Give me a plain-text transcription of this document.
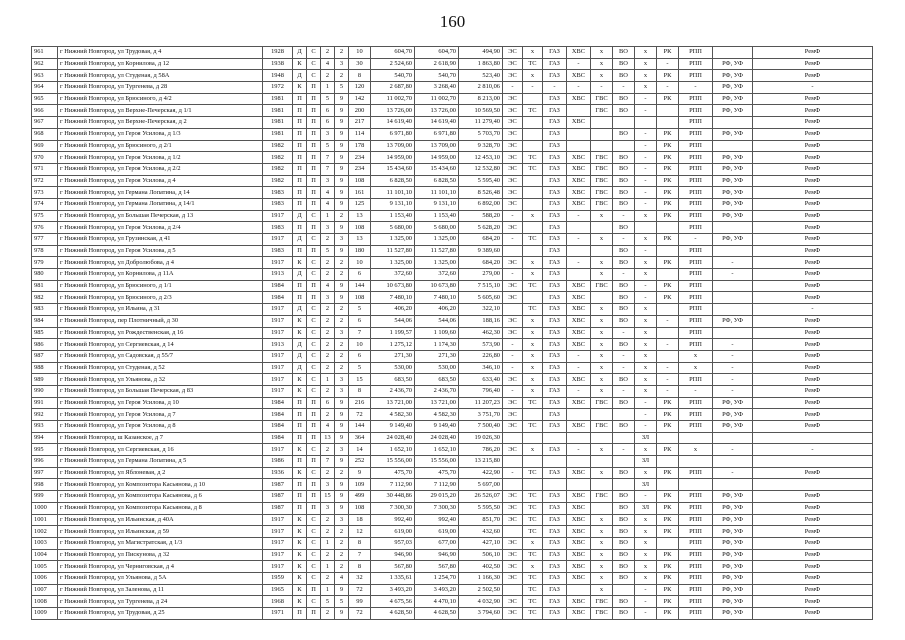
160
961	г Нижний Новгород, ул Трудовая, д 4	1928	Д	С	2	2	10	604,70	604,70	494,90	ЭС	х	ГАЗ	ХВС	х	ВО	х	РК	РПП		РемФ
962	г Нижний Новгород, ул Корнилова, д 12	1938	К	С	4	3	30	2 524,60	2 618,90	1 863,80	ЭС	ТС	ГАЗ	-	х	ВО	х	-	РПП	РФ, УФ	РемФ
963	г Нижний Новгород, ул Студеная, д 58А	1948	Д	С	2	2	8	540,70	540,70	523,40	ЭС	х	ГАЗ	ХВС	х	ВО	х	РК	РПП	РФ, УФ	РемФ
964	г Нижний Новгород, ул Тургенева, д 28	1972	К	П	1	5	120	2 687,80	3 268,40	2 810,06	-	-	-	-	-	-	х	-	-	РФ, УФ	-
965	г Нижний Новгород, ул Брюсиного, д 4/2	1981	П	П	5	9	142	11 002,70	11 002,70	8 213,00	ЭС		ГАЗ	ХВС	ГВС	ВО	-	РК	РПП	РФ, УФ	РемФ
966	г Нижний Новгород, ул Верхне-Печерская, д 1/1	1981	П	П	6	9	200	13 726,00	13 726,00	10 569,50	ЭС	ТС	ГАЗ		ГВС	ВО	-		РПП	РФ, УФ	РемФ
967	г Нижний Новгород, ул Верхне-Печерская, д 2	1981	П	П	6	9	217	14 619,40	14 619,40	11 279,40	ЭС		ГАЗ	ХВС					РПП		РемФ
968	г Нижний Новгород, ул Героя Усилова, д 1/3	1981	П	П	3	9	114	6 971,80	6 971,80	5 703,70	ЭС		ГАЗ			ВО	-	РК	РПП	РФ, УФ	РемФ
969	г Нижний Новгород, ул Брюсиного, д 2/1	1982	П	П	5	9	178	13 709,00	13 709,00	9 328,70	ЭС		ГАЗ				-	РК	РПП		РемФ
970	г Нижний Новгород, ул Героя Усилова, д 1/2	1982	П	П	7	9	234	14 959,00	14 959,00	12 453,10	ЭС	ТС	ГАЗ	ХВС	ГВС	ВО	-	РК	РПП	РФ, УФ	РемФ
971	г Нижний Новгород, ул Героя Усилова, д 2/2	1982	П	П	7	9	234	15 434,60	15 434,60	12 532,80	ЭС	ТС	ГАЗ	ХВС	ГВС	ВО	-	РК	РПП	РФ, УФ	РемФ
972	г Нижний Новгород, ул Героя Усилова, д 4	1982	П	П	3	9	108	6 828,50	6 828,50	5 595,40	ЭС		ГАЗ	ХВС	ГВС	ВО	-	РК	РПП	РФ, УФ	РемФ
973	г Нижний Новгород, ул Германа Лопатина, д 14	1983	П	П	4	9	161	11 101,10	11 101,10	8 526,48	ЭС		ГАЗ	ХВС	ГВС	ВО	-	РК	РПП	РФ, УФ	РемФ
974	г Нижний Новгород, ул Германа Лопатина, д 14/1	1983	П	П	4	9	125	9 131,10	9 131,10	6 892,00	ЭС		ГАЗ	ХВС	ГВС	ВО	-	РК	РПП	РФ, УФ	РемФ
975	г Нижний Новгород, ул Большая Печерская, д 13	1917	Д	С	1	2	13	1 153,40	1 153,40	588,20	-	х	ГАЗ	-	х	-	х	РК	РПП	РФ, УФ	РемФ
976	г Нижний Новгород, ул Героя Усилова, д 2/4	1983	П	П	3	9	108	5 680,00	5 680,00	5 628,20	ЭС		ГАЗ			ВО			РПП		РемФ
977	г Нижний Новгород, ул Грузинская, д 41	1917	Д	С	2	3	13	1 325,00	1 325,00	684,20	-	ТС	ГАЗ	-	х	-	х	РК	-	РФ, УФ	РемФ
978	г Нижний Новгород, ул Героя Усилова, д 5	1983	П	П	5	9	180	11 527,80	11 527,80	9 389,60			ГАЗ			ВО	-		РПП		РемФ
979	г Нижний Новгород, ул Добролюбова, д 4	1917	К	С	2	2	10	1 325,00	1 325,00	684,20	ЭС	х	ГАЗ	-	х	ВО	х	РК	РПП	-	РемФ
980	г Нижний Новгород, ул Корнилова, д 11А	1913	Д	С	2	2	6	372,60	372,60	279,00	-	х	ГАЗ		х	-	х		РПП	-	РемФ
981	г Нижний Новгород, ул Брюсиного, д 1/1	1984	П	П	4	9	144	10 673,80	10 673,80	7 515,10	ЭС	ТС	ГАЗ	ХВС	ГВС	ВО	-	РК	РПП		РемФ
982	г Нижний Новгород, ул Брюсиного, д 2/3	1984	П	П	3	9	108	7 480,10	7 480,10	5 605,60	ЭС		ГАЗ	ХВС		ВО	-	РК	РПП		РемФ
983	г Нижний Новгород, ул Ильина, д 31	1917	Д	С	2	2	5	406,20	406,20	322,10		ТС	ГАЗ	ХВС	х	ВО	х		РПП		-
984	г Нижний Новгород, пер Плотничный, д 30	1917	К	С	2	2	6	544,06	544,06	188,16	ЭС	х	ГАЗ	ХВС	х	ВО	х	-	РПП	РФ, УФ	РемФ
985	г Нижний Новгород, ул Рождественская, д 16	1917	К	С	2	3	7	1 199,57	1 109,60	462,30	ЭС	х	ГАЗ	ХВС	х	-	х		РПП		РемФ
986	г Нижний Новгород, ул Сергиевская, д 14	1913	Д	С	2	2	10	1 275,12	1 174,30	573,90	-	х	ГАЗ	ХВС	х	ВО	х	-	РПП	-	РемФ
987	г Нижний Новгород, ул Садовская, д 55/7	1917	Д	С	2	2	6	271,30	271,30	226,80	-	х	ГАЗ	-	х	-	х		х	-	РемФ
988	г Нижний Новгород, ул Студеная, д 52	1917	Д	С	2	2	5	530,00	530,00	346,10	-	х	ГАЗ	-	х	-	х	-	х	-	РемФ
989	г Нижний Новгород, ул Ульянова, д 32	1917	К	С	1	3	15	683,50	683,50	633,40	ЭС	х	ГАЗ	ХВС	х	ВО	х	-	РПП	-	РемФ
990	г Нижний Новгород, ул Большая Печерская, д 83	1917	К	С	2	3	8	2 436,70	2 436,70	796,40	-	х	ГАЗ	-	х	-	х	-	-	-	РемФ
991	г Нижний Новгород, ул Героя Усилова, д 10	1984	П	П	6	9	216	13 721,00	13 721,00	11 207,23	ЭС	ТС	ГАЗ	ХВС	ГВС	ВО	-	РК	РПП	РФ, УФ	РемФ
992	г Нижний Новгород, ул Героя Усилова, д 7	1984	П	П	2	9	72	4 582,30	4 582,30	3 751,70	ЭС		ГАЗ				-	РК	РПП	РФ, УФ	РемФ
993	г Нижний Новгород, ул Героя Усилова, д 8	1984	П	П	4	9	144	9 149,40	9 149,40	7 500,40	ЭС	ТС	ГАЗ	ХВС	ГВС	ВО	-	РК	РПП	РФ, УФ	РемФ
994	г Нижний Новгород, ш Казанское, д 7	1984	П	П	13	9	364	24 028,40	24 028,40	19 026,30							ЗЛ				
995	г Нижний Новгород, ул Сергиевская, д 16	1917	К	С	2	3	14	1 652,10	1 652,10	786,20	ЭС	х	ГАЗ	-	х	-	х	РК	х	-	-
996	г Нижний Новгород, ул Германа Лопатина, д 5	1986	П	П	7	9	252	15 556,00	15 556,00	13 215,80							ЗЛ				
997	г Нижний Новгород, ул Яблоневая, д 2	1936	К	С	2	2	9	475,70	475,70	422,90	-	ТС	ГАЗ	ХВС	х	ВО	х	РК	РПП	-	РемФ
998	г Нижний Новгород, ул Композитора Касьянова, д 10	1987	П	П	3	9	109	7 112,90	7 112,90	5 697,00							ЗЛ				
999	г Нижний Новгород, ул Композитора Касьянова, д 6	1987	П	П	15	9	499	30 448,86	29 015,20	26 526,07	ЭС	ТС	ГАЗ	ХВС	ГВС	ВО	-	РК	РПП	РФ, УФ	РемФ
1000	г Нижний Новгород, ул Композитора Касьянова, д 8	1987	П	П	3	9	108	7 300,30	7 300,30	5 595,50	ЭС	ТС	ГАЗ	ХВС		ВО	ЗЛ	РК	РПП	РФ, УФ	РемФ
1001	г Нижний Новгород, ул Ильинская, д 40А	1917	К	С	2	3	18	992,40	992,40	851,70	ЭС	ТС	ГАЗ	ХВС	х	ВО	х	РК	РПП	РФ, УФ	РемФ
1002	г Нижний Новгород, ул Ильинская, д 59	1917	К	С	2	2	12	619,00	619,00	432,60		ТС	ГАЗ	ХВС	х	ВО	х	РК	РПП	РФ, УФ	РемФ
1003	г Нижний Новгород, ул Магистратская, д 1/3	1917	К	С	1	2	8	957,03	677,00	427,10	ЭС	х	ГАЗ	ХВС	х	ВО	х		РПП	РФ, УФ	РемФ
1004	г Нижний Новгород, ул Пискунова, д 32	1917	К	С	2	2	7	946,90	946,90	506,10	ЭС	ТС	ГАЗ	ХВС	х	ВО	х	РК	РПП	РФ, УФ	РемФ
1005	г Нижний Новгород, ул Черниговская, д 4	1917	К	С	1	2	8	567,80	567,80	402,50	ЭС	х	ГАЗ	ХВС	х	ВО	х	РК	РПП	РФ, УФ	РемФ
1006	г Нижний Новгород, ул Ульянова, д 5А	1959	К	С	2	4	32	1 335,61	1 254,70	1 166,30	ЭС	ТС	ГАЗ	ХВС	х	ВО	х	РК	РПП	РФ, УФ	РемФ
1007	г Нижний Новгород, ул Заленова, д 11	1965	К	П	1	9	72	3 493,20	3 493,20	2 502,50		ТС	ГАЗ		х		-	РК	РПП	РФ, УФ	РемФ
1008	г Нижний Новгород, ул Тургенева, д 24	1968	К	С	5	5	99	4 675,56	4 470,10	4 032,90	ЭС	ТС	ГАЗ	ХВС	ГВС	ВО	-	РК	РПП	РФ, УФ	РемФ
1009	г Нижний Новгород, ул Трудовая, д 25	1971	П	П	2	9	72	4 628,50	4 628,50	3 794,60	ЭС	ТС	ГАЗ	ХВС	ГВС	ВО	-	РК	РПП	РФ, УФ	РемФ
